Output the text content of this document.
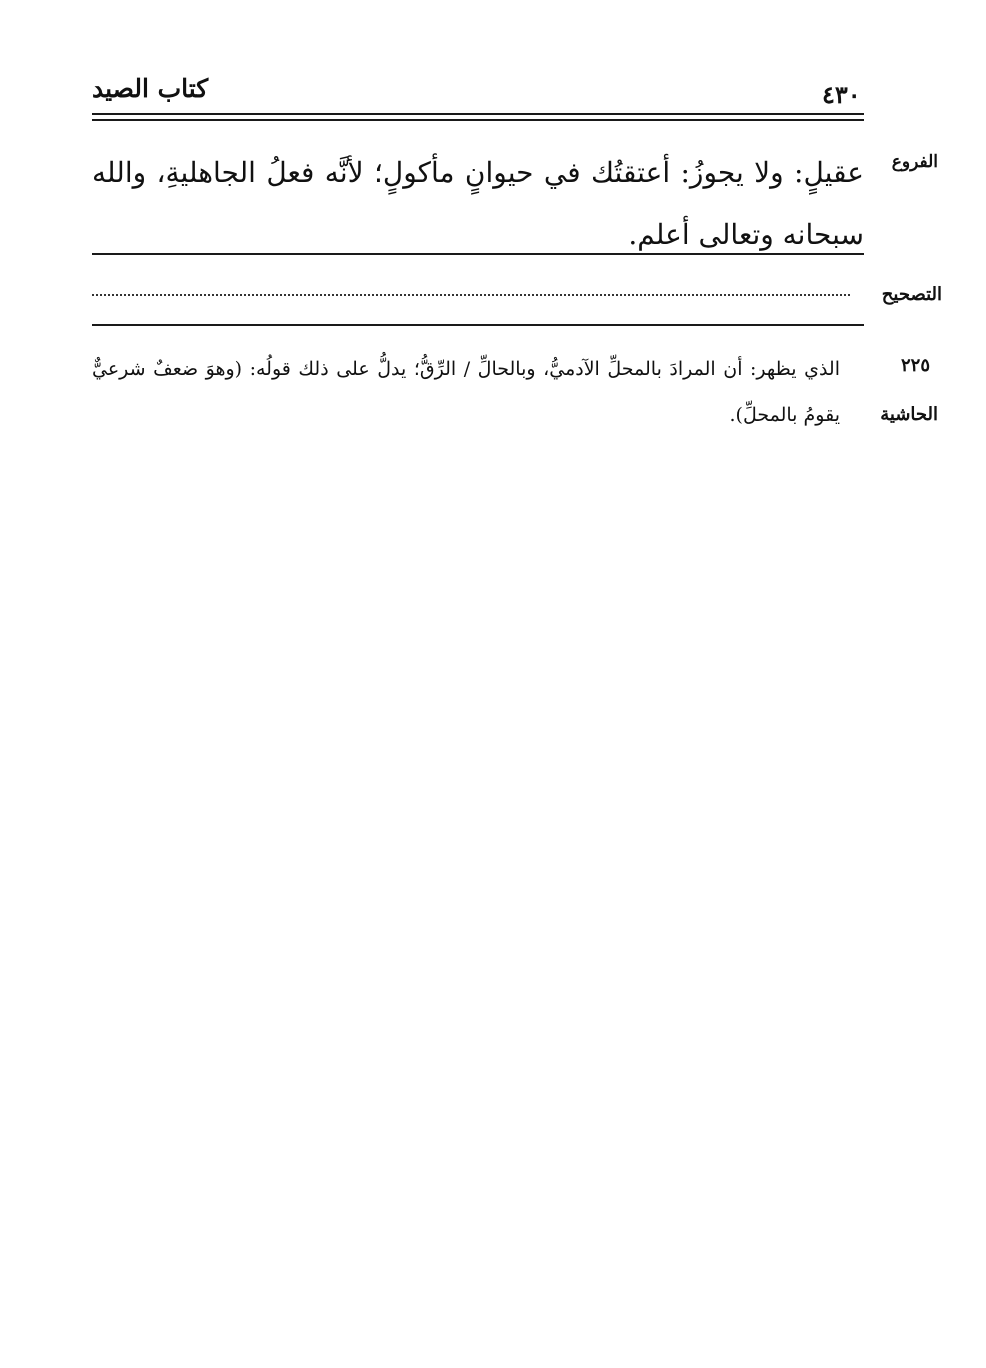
٤٣٠
كتاب الصيد
الفروع
عقيلٍ: ولا يجوزُ: أعتقتُك في حيوانٍ مأكولٍ؛ لأنَّه فعلُ الجاهليةِ، والله سبحانه وتعالى أعلم.
التصحيح
٢٢٥
الحاشية
الذي يظهر: أن المرادَ بالمحلِّ الآدميُّ، وبالحالِّ / الرِّقُّ؛ يدلُّ على ذلك قولُه: (وهوَ ضعفٌ شرعيٌّ يقومُ بالمحلِّ).
